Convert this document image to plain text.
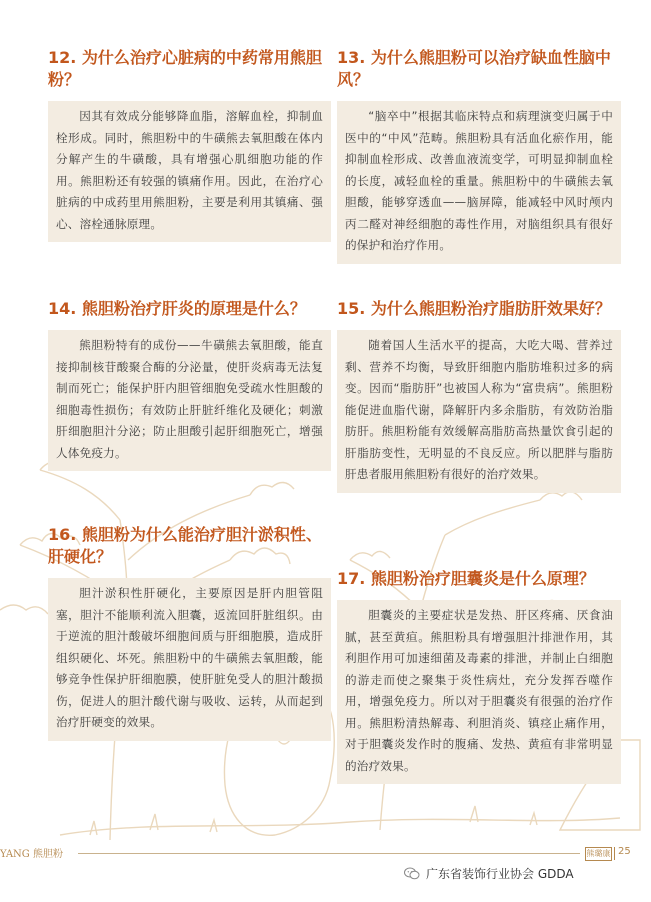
12. 为什么治疗心脏病的中药常用熊胆粉？
因其有效成分能够降血脂，溶解血栓，抑制血栓形成。同时，熊胆粉中的牛磺熊去氧胆酸在体内分解产生的牛磺酸，具有增强心肌细胞功能的作用。熊胆粉还有较强的镇痛作用。因此，在治疗心脏病的中成药里用熊胆粉，主要是利用其镇痛、强心、溶栓通脉原理。
13. 为什么熊胆粉可以治疗缺血性脑中风？
“脑卒中”根据其临床特点和病理演变归属于中医中的“中风”范畴。熊胆粉具有活血化瘀作用，能抑制血栓形成、改善血液流变学，可明显抑制血栓的长度，减轻血栓的重量。熊胆粉中的牛磺熊去氧胆酸，能够穿透血——脑屏障，能减轻中风时颅内丙二醛对神经细胞的毒性作用，对脑组织具有很好的保护和治疗作用。
14. 熊胆粉治疗肝炎的原理是什么？
熊胆粉特有的成份——牛磺熊去氧胆酸，能直接抑制核苷酸聚合酶的分泌量，使肝炎病毒无法复制而死亡；能保护肝内胆管细胞免受疏水性胆酸的细胞毒性损伤；有效防止肝脏纤维化及硬化；刺激肝细胞胆汁分泌；防止胆酸引起肝细胞死亡，增强人体免疫力。
15. 为什么熊胆粉治疗脂肪肝效果好？
随着国人生活水平的提高，大吃大喝、营养过剩、营养不均衡，导致肝细胞内脂肪堆积过多的病变。因而“脂肪肝”也被国人称为“富贵病”。熊胆粉能促进血脂代谢，降解肝内多余脂肪，有效防治脂肪肝。熊胆粉能有效缓解高脂肪高热量饮食引起的肝脂肪变性，无明显的不良反应。所以肥胖与脂肪肝患者服用熊胆粉有很好的治疗效果。
16. 熊胆粉为什么能治疗胆汁淤积性、肝硬化？
胆汁淤积性肝硬化，主要原因是肝内胆管阻塞，胆汁不能顺利流入胆囊，返流回肝脏组织。由于逆流的胆汁酸破坏细胞间质与肝细胞膜，造成肝组织硬化、坏死。熊胆粉中的牛磺熊去氧胆酸，能够竞争性保护肝细胞膜，使肝脏免受人的胆汁酸损伤，促进人的胆汁酸代谢与吸收、运转，从而起到治疗肝硬变的效果。
17. 熊胆粉治疗胆囊炎是什么原理？
胆囊炎的主要症状是发热、肝区疼痛、厌食油腻，甚至黄疸。熊胆粉具有增强胆汁排泄作用，其利胆作用可加速细菌及毒素的排泄，并制止白细胞的游走而使之聚集于炎性病灶，充分发挥吞噬作用，增强免疫力。所以对于胆囊炎有很强的治疗作用。熊胆粉清热解毒、利胆消炎、镇痉止痛作用，对于胆囊炎发作时的腹痛、发热、黄疸有非常明显的治疗效果。
YANG 熊胆粉	熊璐康 25
广东省装饰行业协会 GDDA
